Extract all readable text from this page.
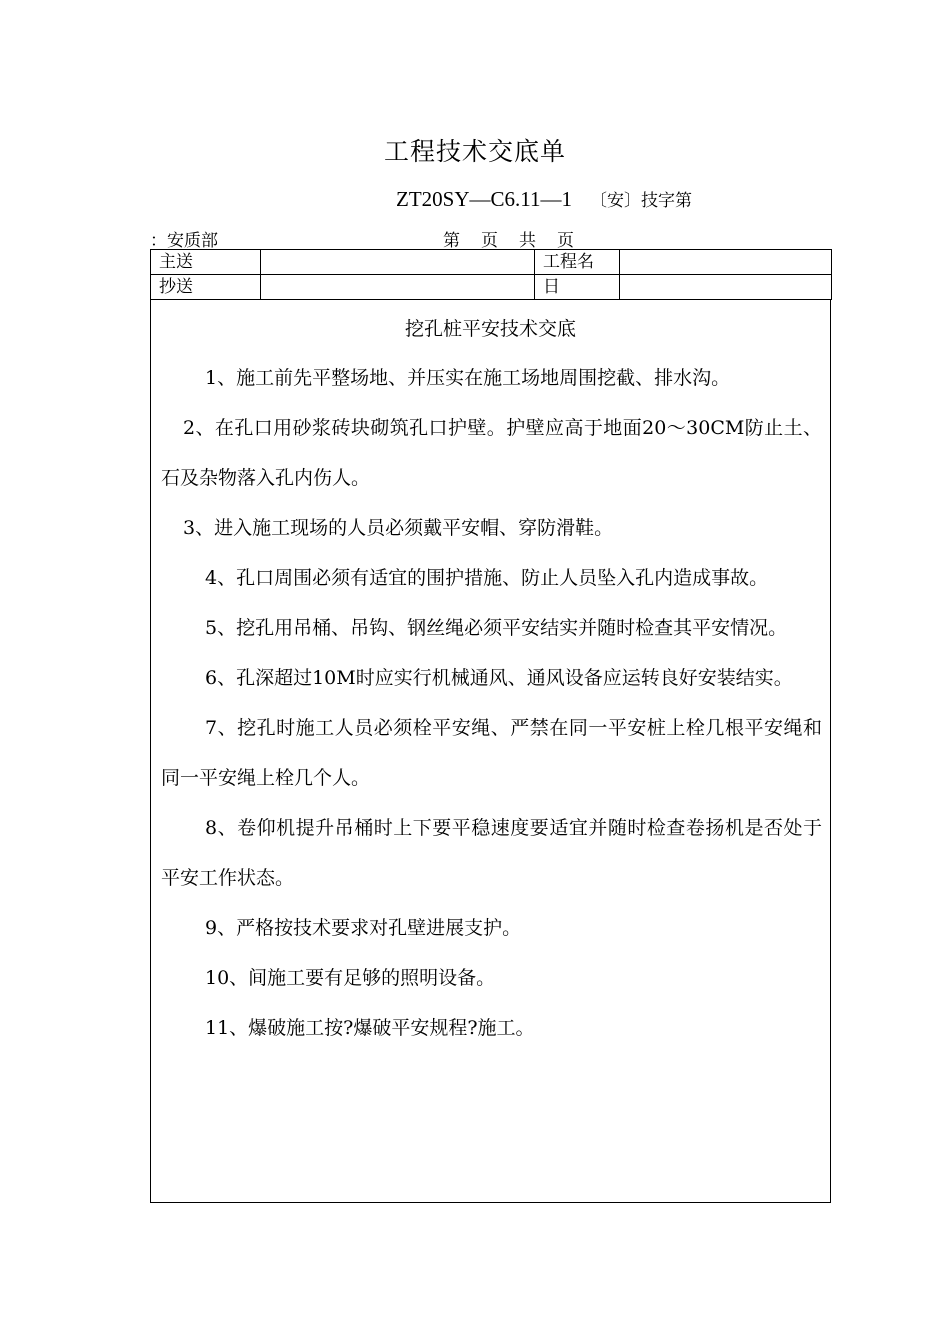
工程技术交底单
ZT20SY—C6.11—1 〔安〕技字第
：安质部	第　页　共　页
主送		工程名	
抄送		日	
挖孔桩平安技术交底
1、施工前先平整场地、并压实在施工场地周围挖截、排水沟。
2、在孔口用砂浆砖块砌筑孔口护壁。护壁应高于地面20～30CM防止土、石及杂物落入孔内伤人。
3、进入施工现场的人员必须戴平安帽、穿防滑鞋。
4、孔口周围必须有适宜的围护措施、防止人员坠入孔内造成事故。
5、挖孔用吊桶、吊钩、钢丝绳必须平安结实并随时检查其平安情况。
6、孔深超过10M时应实行机械通风、通风设备应运转良好安装结实。
7、挖孔时施工人员必须栓平安绳、严禁在同一平安桩上栓几根平安绳和同一平安绳上栓几个人。
8、卷仰机提升吊桶时上下要平稳速度要适宜并随时检查卷扬机是否处于平安工作状态。
9、严格按技术要求对孔壁进展支护。
10、间施工要有足够的照明设备。
11、爆破施工按?爆破平安规程?施工。
